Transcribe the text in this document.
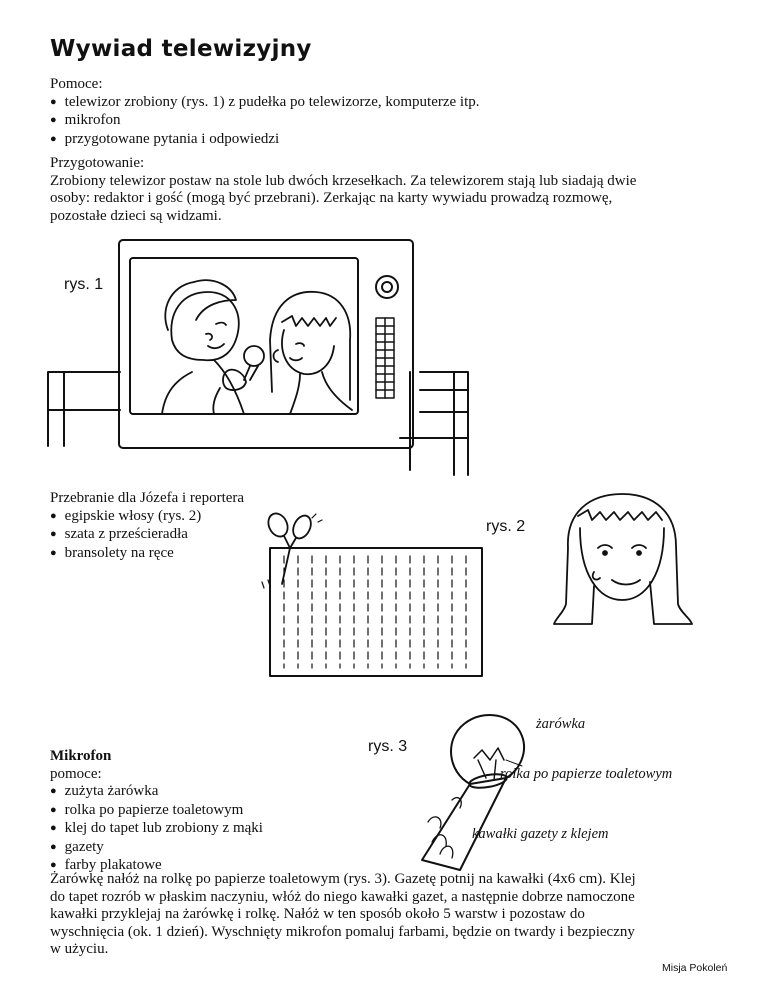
Wywiad telewizyjny
Pomoce:
● telewizor zrobiony (rys. 1) z pudełka po telewizorze, komputerze itp.
● mikrofon
● przygotowane pytania i odpowiedzi
Przygotowanie:
Zrobiony telewizor postaw na stole lub dwóch krzesełkach. Za telewizorem stają lub siadają dwie
osoby: redaktor i gość (mogą być przebrani). Zerkając na karty wywiadu prowadzą rozmowę,
pozostałe dzieci są widzami.
rys. 1
Przebranie dla Józefa i reportera
● egipskie włosy (rys. 2)
● szata z prześcieradła
● bransolety na ręce
rys. 2
żarówka
rolka po papierze toaletowym
kawałki gazety z klejem
rys. 3
Mikrofon
pomoce:
● zużyta żarówka
● rolka po papierze toaletowym
● klej do tapet lub zrobiony z mąki
● gazety
● farby plakatowe
Żarówkę nałóż na rolkę po papierze toaletowym (rys. 3). Gazetę potnij na kawałki (4x6 cm). Klej
do tapet rozrób w płaskim naczyniu, włóż do niego kawałki gazet, a następnie dobrze namoczone
kawałki przyklejaj na żarówkę i rolkę. Nałóż w ten sposób około 5 warstw i pozostaw do
wyschnięcia (ok. 1 dzień). Wyschnięty mikrofon pomaluj farbami, będzie on twardy i bezpieczny
w użyciu.
Misja Pokoleń
